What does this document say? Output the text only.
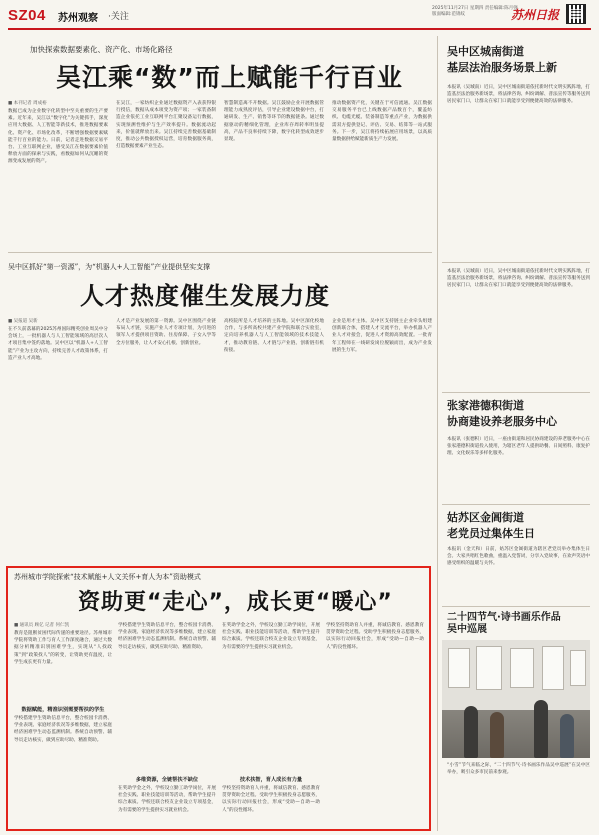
SZ04 苏州观察 ·关注
2025年11月27日 星期四 责任编辑:陈月强 版面编辑:范锦纹	苏州日报
加快探索数据要素化、资产化、市场化路径
吴江乘“数”而上赋能千行百业
■ 本刊记者 周成裕
数据已成为企业数字化转型中至关重要的生产要素。近年来，吴江以“数字化”为关键抓手，深度应用大数据、人工智能等新技术，推进数据要素化、资产化、市场化改革，不断增强数据要素赋能千行百业的能力。日前，记者走进数据交易平台、工业互联网企业，感受吴江在数据要素价值释放方面的探索与实践，看数据如何从沉睡的资源变成发展的资产。
在吴江，一家纺织企业通过数据资产入表获得银行授信，数据从成本项变为资产项；一家装备制造企业依托工业互联网平台汇聚设备运行数据，实现预测性维护与生产效率提升。数据流动起来，价值就释放出来。吴江持续完善数据基础制度，推动公共数据授权运营，培育数据服务商，打造数据要素产业生态。
智慧制造离不开数据。吴江鼓励企业开展数据管理能力成熟度评估，引导企业建设数据中台，打通研发、生产、销售等环节的数据链条。通过数据驱动的精细化管理，企业库存周转率明显提高，产品不良率持续下降，数字化转型成效逐步显现。
推动数据资产化，关键在于可信流通。吴江数据交易服务平台已上线数据产品数百个，覆盖纺织、电缆光缆、装备制造等重点产业，为数据供需双方提供登记、评估、交易、结算等一站式服务。下一步，吴江将持续拓展应用场景，以高质量数据供给赋能新质生产力发展。
吴中区抓好“第一资源”，为“机器人+人工智能”产业提供坚实支撑
人才热度催生发展力度
■ 吴报道 吴新
在不久前落幕的2025苏州国际精英创业周吴中分会场上，一批机器人与人工智能领域的高层次人才项目集中签约落地。吴中区以“机器人+人工智能”产业为主攻方向，持续完善人才政策体系，打造产业人才高地。
人才是产业发展的第一资源。吴中区围绕产业链布局人才链，实施产业人才专项计划，为引进的领军人才提供项目资助、住房保障、子女入学等全方位服务，让人才安心扎根、创新创业。
高校院所是人才培养的主阵地。吴中区深化校地合作，与多所高校共建产业学院和联合实验室，定向培养机器人与人工智能领域的技术技能人才，推动教育链、人才链与产业链、创新链有机衔接。
企业是用才主体。吴中区支持链主企业牵头组建创新联合体，搭建人才交流平台，举办机器人产业人才对接会，促进人才资源高效配置。一批青年工程师在一线研发岗位脱颖而出，成为产业发展的生力军。
苏州城市学院探索“技术赋能+人文关怀+育人为本”资助模式
资助更“走心”，成长更“暖心”
■ 通讯员 顾亿 记者 何仁凯
教育是阻断贫困代际传递的重要途径。苏州城市学院将资助工作与育人工作深度融合，通过大数据分析精准识别困难学生，实现从“人找政策”到“政策找人”的转变，让资助更有温度，让学生成长更有力量。
数据赋能，精准识别需要帮扶的学生
学校搭建学生资助信息平台，整合校园卡消费、学业表现、家庭经济状况等多维数据，建立家庭经济困难学生动态监测机制。系统自动预警、辅导员走访核实，做到应助尽助、精准资助。
学校搭建学生资助信息平台，整合校园卡消费、学业表现、家庭经济状况等多维数据，建立家庭经济困难学生动态监测机制。系统自动预警、辅导员走访核实，做到应助尽助、精准资助。
多维资源，全链帮扶不缺位
在奖助学金之外，学校设立勤工助学岗位，开展社会实践、职业技能培训等活动，帮助学生提升综合素质。学校还联合校友企业设立专项基金，为有需要的学生提供实习就业机会。
在奖助学金之外，学校设立勤工助学岗位，开展社会实践、职业技能培训等活动，帮助学生提升综合素质。学校还联合校友企业设立专项基金，为有需要的学生提供实习就业机会。
技术扶智，育人成长有力量
学校坚持资助育人并重，将诚信教育、感恩教育贯穿资助全过程。受助学生积极投身志愿服务，以实际行动回报社会，形成“受助—自助—助人”的良性循环。
学校坚持资助育人并重，将诚信教育、感恩教育贯穿资助全过程。受助学生积极投身志愿服务，以实际行动回报社会，形成“受助—自助—助人”的良性循环。
吴中区城南街道
基层法治服务场景上新
本报讯（吴城南）近日，吴中区城南街道依托新时代文明实践阵地，打造基层法治服务新场景，将法律咨询、纠纷调解、普法宣传等服务送到居民家门口，让群众在家门口就能享受到便捷高效的法律服务。
本报讯（吴城南）近日，吴中区城南街道依托新时代文明实践阵地，打造基层法治服务新场景，将法律咨询、纠纷调解、普法宣传等服务送到居民家门口，让群众在家门口就能享受到便捷高效的法律服务。
张家港德积街道
协商建设养老服务中心
本报讯（张德积）近日，一座由街道和居民协商建设的养老服务中心在张家港德积街道投入使用，为辖区老年人提供助餐、日间照料、康复护理、文化娱乐等多样化服务。
姑苏区金阊街道
老党员过集体生日
本报讯（金天和）日前，姑苏区金阊街道为辖区老党员举办集体生日会。大家共唱红色歌曲，重温入党誓词，分享入党故事，在欢声笑语中感受组织的温暖与关怀。
二十四节气·诗书画乐作品
吴中巡展
“小雪”节气来临之际，“二十四节气·诗书画乐作品吴中巡展”在吴中区举办，吸引众多市民前来参观。
